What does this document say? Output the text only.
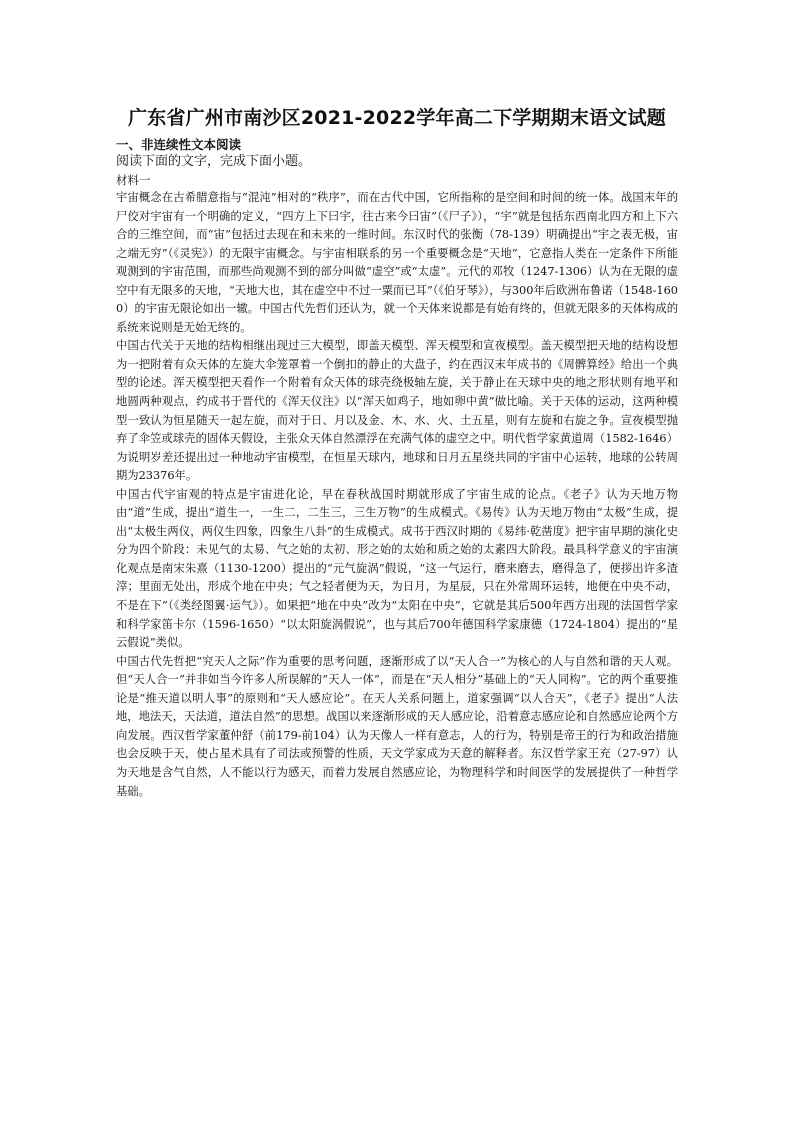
广东省广州市南沙区2021-2022学年高二下学期期末语文试题

一、非连续性文本阅读

阅读下面的文字，完成下面小题。

材料一

宇宙概念在古希腊意指与“混沌”相对的“秩序”，而在古代中国，它所指称的是空间和时间的统一体。战国末年的尸佼对宇宙有一个明确的定义，“四方上下曰宇，往古来今曰宙”（《尸子》），“宇”就是包括东西南北四方和上下六合的三维空间，而“宙”包括过去现在和未来的一维时间。东汉时代的张衡（78-139）明确提出“宇之表无极，宙之端无穷”（《灵宪》）的无限宇宙概念。与宇宙相联系的另一个重要概念是“天地”，它意指人类在一定条件下所能观测到的宇宙范围，而那些尚观测不到的部分叫做“虚空”或“太虚”。元代的邓牧（1247-1306）认为在无限的虚空中有无限多的天地，“天地大也，其在虚空中不过一粟而已耳”（《伯牙琴》），与300年后欧洲布鲁诺（1548-1600）的宇宙无限论如出一辙。中国古代先哲们还认为，就一个天体来说都是有始有终的，但就无限多的天体构成的系统来说则是无始无终的。

中国古代关于天地的结构相继出现过三大模型，即盖天模型、浑天模型和宣夜模型。盖天模型把天地的结构设想为一把附着有众天体的左旋大伞笼罩着一个倒扣的静止的大盘子，约在西汉末年成书的《周髀算经》给出一个典型的论述。浑天模型把天看作一个附着有众天体的球壳绕极轴左旋，关于静止在天球中央的地之形状则有地平和地圆两种观点，约成书于晋代的《浑天仪注》以“浑天如鸡子，地如卵中黄”做比喻。关于天体的运动，这两种模型一致认为恒星随天一起左旋，而对于日、月以及金、木、水、火、土五星，则有左旋和右旋之争。宣夜模型抛弃了伞笠或球壳的固体天假设，主张众天体自然漂浮在充满气体的虚空之中。明代哲学家黄道周（1582-1646）为说明岁差还提出过一种地动宇宙模型，在恒星天球内，地球和日月五星绕共同的宇宙中心运转，地球的公转周期为23376年。

中国古代宇宙观的特点是宇宙进化论，早在春秋战国时期就形成了宇宙生成的论点。《老子》认为天地万物由“道”生成，提出“道生一，一生二，二生三，三生万物”的生成模式。《易传》认为天地万物由“太极”生成，提出“太极生两仪，两仪生四象，四象生八卦”的生成模式。成书于西汉时期的《易纬·乾凿度》把宇宙早期的演化史分为四个阶段：未见气的太易、气之始的太初、形之始的太始和质之始的太素四大阶段。最具科学意义的宇宙演化观点是南宋朱熹（1130-1200）提出的“元气旋涡”假说，“这一气运行，磨来磨去，磨得急了，便拶出许多渣滓；里面无处出，形成个地在中央；气之轻者便为天，为日月，为星辰，只在外常周环运转，地便在中央不动，不是在下”（《类经图翼·运气》）。如果把“地在中央”改为“太阳在中央”，它就是其后500年西方出现的法国哲学家和科学家笛卡尔（1596-1650）“以太阳旋涡假说”，也与其后700年德国科学家康德（1724-1804）提出的“星云假说”类似。

中国古代先哲把“究天人之际”作为重要的思考问题，逐渐形成了以“天人合一”为核心的人与自然和谐的天人观。但“天人合一”并非如当今许多人所误解的“天人一体”，而是在“天人相分”基础上的“天人同构”。它的两个重要推论是“推天道以明人事”的原则和“天人感应论”。在天人关系问题上，道家强调“以人合天”，《老子》提出“人法地，地法天，天法道，道法自然”的思想。战国以来逐渐形成的天人感应论，沿着意志感应论和自然感应论两个方向发展。西汉哲学家董仲舒（前179-前104）认为天像人一样有意志，人的行为，特别是帝王的行为和政治措施也会反映于天，使占星术具有了司法或预警的性质，天文学家成为天意的解释者。东汉哲学家王充（27-97）认为天地是含气自然，人不能以行为感天，而着力发展自然感应论，为物理科学和时间医学的发展提供了一种哲学基础。
